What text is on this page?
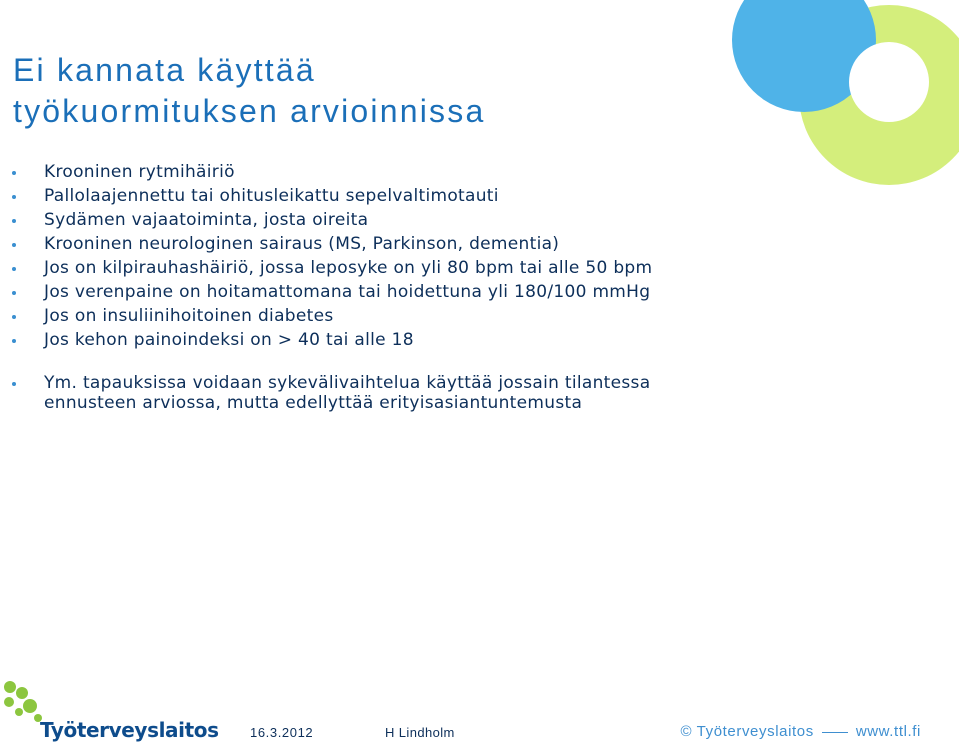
Ei kannata käyttää
työkuormituksen arvioinnissa
Krooninen rytmihäiriö
Pallolaajennettu tai ohitusleikattu sepelvaltimotauti
Sydämen vajaatoiminta, josta oireita
Krooninen neurologinen sairaus (MS, Parkinson, dementia)
Jos on kilpirauhashäiriö, jossa leposyke on yli 80 bpm tai alle 50 bpm
Jos verenpaine on hoitamattomana tai hoidettuna yli 180/100 mmHg
Jos on insuliinihoitoinen diabetes
Jos kehon painoindeksi on > 40 tai alle 18
Ym. tapauksissa voidaan sykevälivaihtelua käyttää jossain tilantessa ennusteen arviossa, mutta edellyttää erityisasiantuntemusta
Työterveyslaitos 16.3.2012	H Lindholm	© Työterveyslaitos	www.ttl.fi
